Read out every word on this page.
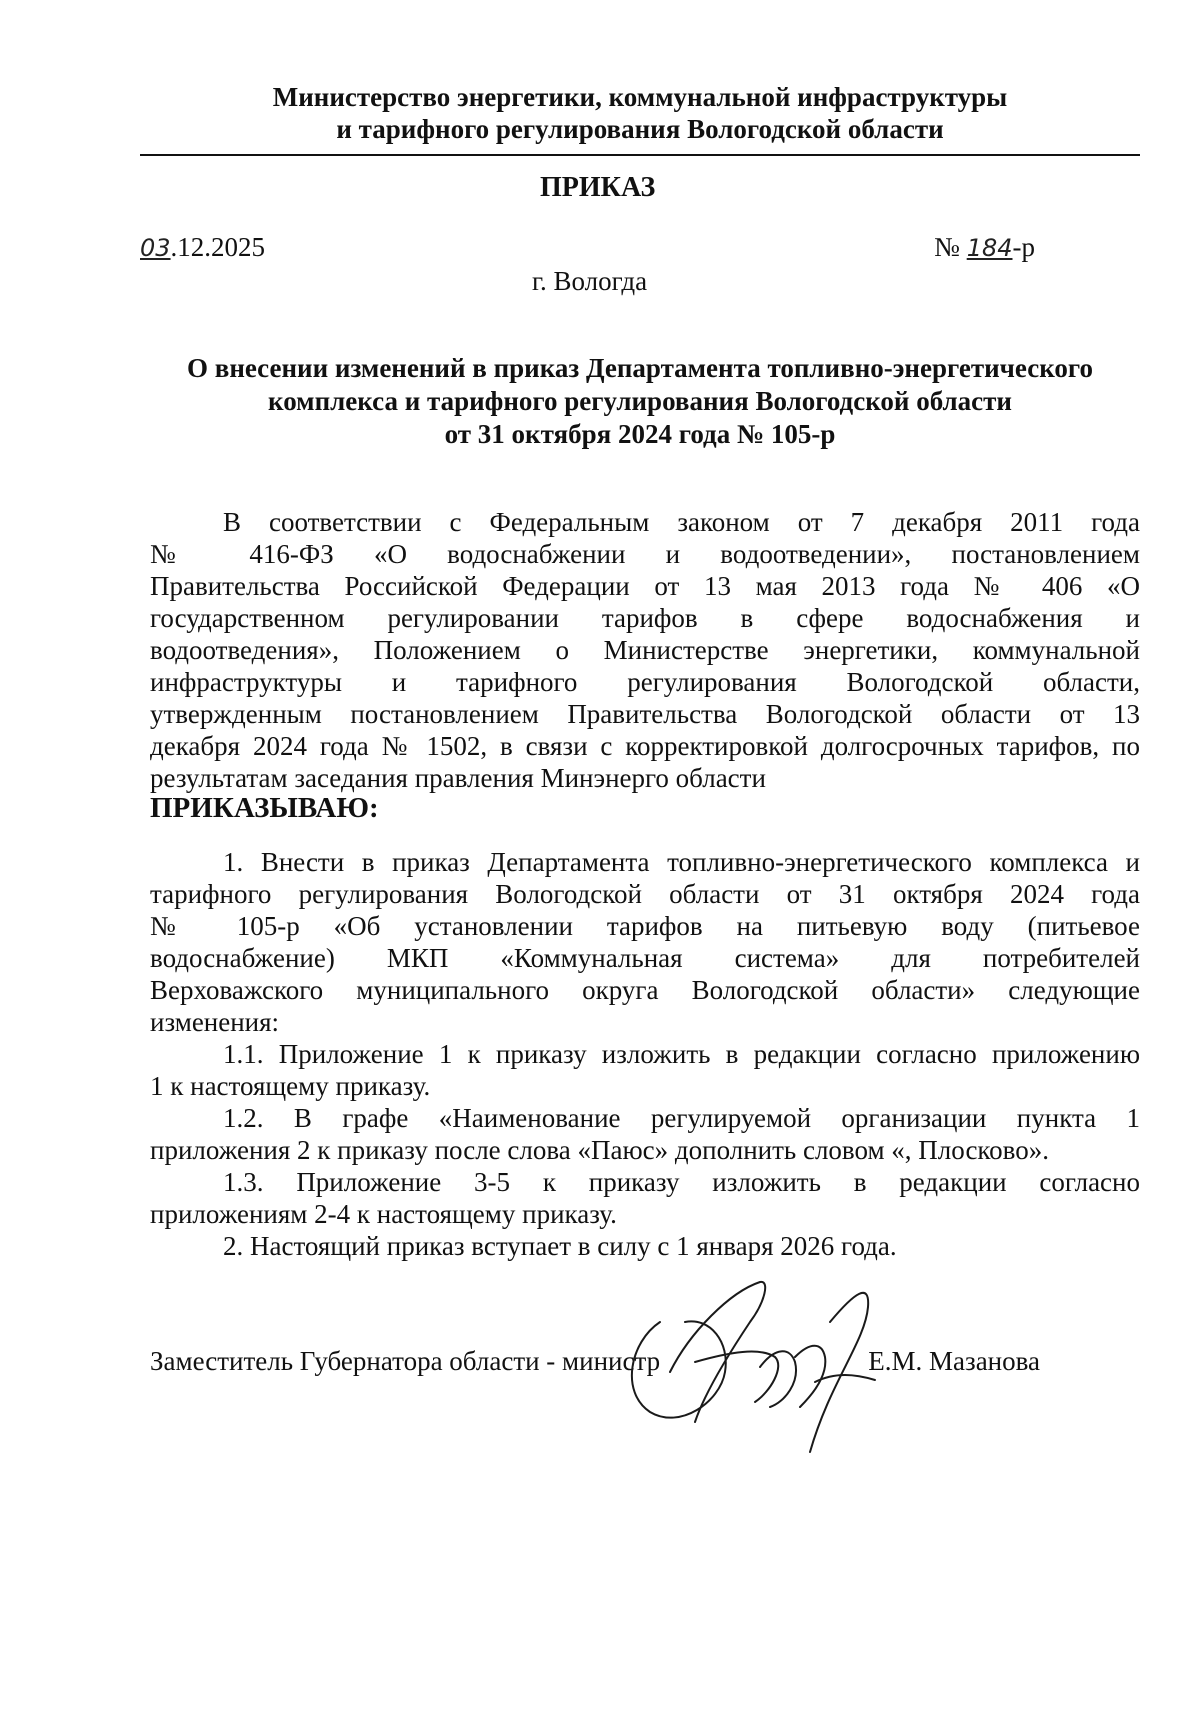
Министерство энергетики, коммунальной инфраструктуры

и тарифного регулирования Вологодской области

ПРИКАЗ

03.12.2025	№ 184-р

г. Вологда

О внесении изменений в приказ Департамента топливно-энергетического

комплекса и тарифного регулирования Вологодской области

от 31 октября 2024 года № 105-р

В соответствии с Федеральным законом от 7 декабря 2011 года
№ 416-ФЗ «О водоснабжении и водоотведении», постановлением
Правительства Российской Федерации от 13 мая 2013 года № 406 «О
государственном регулировании тарифов в сфере водоснабжения и
водоотведения», Положением о Министерстве энергетики, коммунальной
инфраструктуры и тарифного регулирования Вологодской области,
утвержденным постановлением Правительства Вологодской области от 13
декабря 2024 года № 1502, в связи с корректировкой долгосрочных тарифов, по
результатам заседания правления Минэнерго области

ПРИКАЗЫВАЮ:

1. Внести в приказ Департамента топливно-энергетического комплекса и
тарифного регулирования Вологодской области от 31 октября 2024 года
№ 105-р «Об установлении тарифов на питьевую воду (питьевое
водоснабжение) МКП «Коммунальная система» для потребителей
Верховажского муниципального округа Вологодской области» следующие
изменения:
1.1. Приложение 1 к приказу изложить в редакции согласно приложению
1 к настоящему приказу.
1.2. В графе «Наименование регулируемой организации пункта 1
приложения 2 к приказу после слова «Паюс» дополнить словом «, Плосково».
1.3. Приложение 3-5 к приказу изложить в редакции согласно
приложениям 2-4 к настоящему приказу.
2. Настоящий приказ вступает в силу с 1 января 2026 года.

Заместитель Губернатора области - министр	Е.М. Мазанова
